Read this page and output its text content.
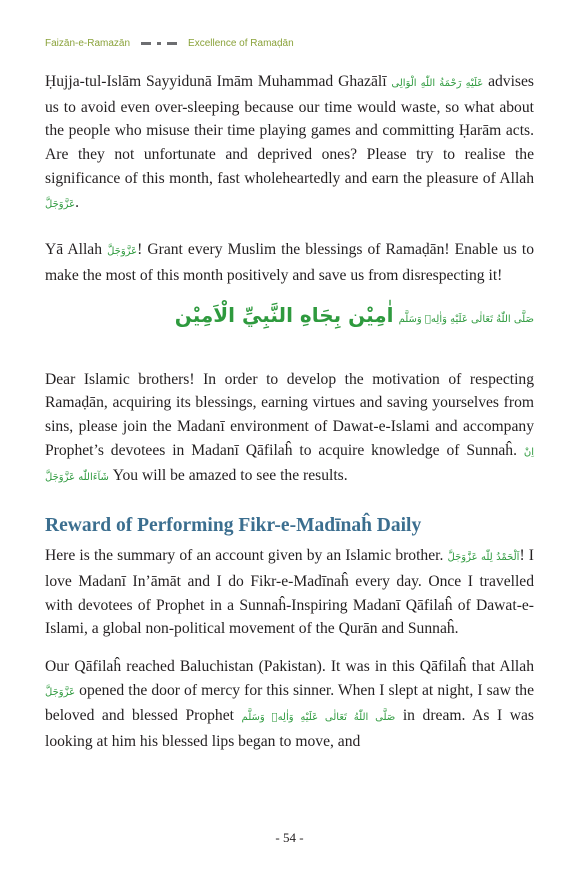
Faizān-e-Ramazān	Excellence of Ramaḍān

Ḥujja-tul-Islām Sayyidunā Imām Muhammad Ghazālī عَلَيْهِ رَحْمَةُ اللّٰهِ الْوَالِى advises us to avoid even over-sleeping because our time would waste, so what about the people who misuse their time playing games and committing Ḥarām acts. Are they not unfortunate and deprived ones? Please try to realise the significance of this month, fast wholeheartedly and earn the pleasure of Allah عَزَّوَجَلَّ.

Yā Allah عَزَّوَجَلَّ! Grant every Muslim the blessings of Ramaḍān! Enable us to make the most of this month positively and save us from disrespecting it!

صَلَّى اللّٰهُ تَعَالٰى عَلَيْهِ وَاٰلِهٖ وَسَلَّم اٰمِيْن بِجَاهِ النَّبِيِّ الْاَمِيْن

Dear Islamic brothers! In order to develop the motivation of respecting Ramaḍān, acquiring its blessings, earning virtues and saving yourselves from sins, please join the Madanī environment of Dawat-e-Islami and accompany Prophet’s devotees in Madanī Qāfilaĥ to acquire knowledge of Sunnaĥ. اِنْ شَآءَاللّٰه عَزَّوَجَلَّ You will be amazed to see the results.

Reward of Performing Fikr-e-Madīnaĥ Daily

Here is the summary of an account given by an Islamic brother. اَلْحَمْدُ لِلّٰه عَزَّوَجَلَّ! I love Madanī In’āmāt and I do Fikr-e-Madīnaĥ every day. Once I travelled with devotees of Prophet in a Sunnaĥ-Inspiring Madanī Qāfilaĥ of Dawat-e-Islami, a global non-political movement of the Qurān and Sunnaĥ.

Our Qāfilaĥ reached Baluchistan (Pakistan). It was in this Qāfilaĥ that Allah عَزَّوَجَلَّ opened the door of mercy for this sinner. When I slept at night, I saw the beloved and blessed Prophet صَلَّى اللّٰهُ تَعَالٰى عَلَيْهِ وَاٰلِهٖ وَسَلَّم in dream. As I was looking at him his blessed lips began to move, and

- 54 -
